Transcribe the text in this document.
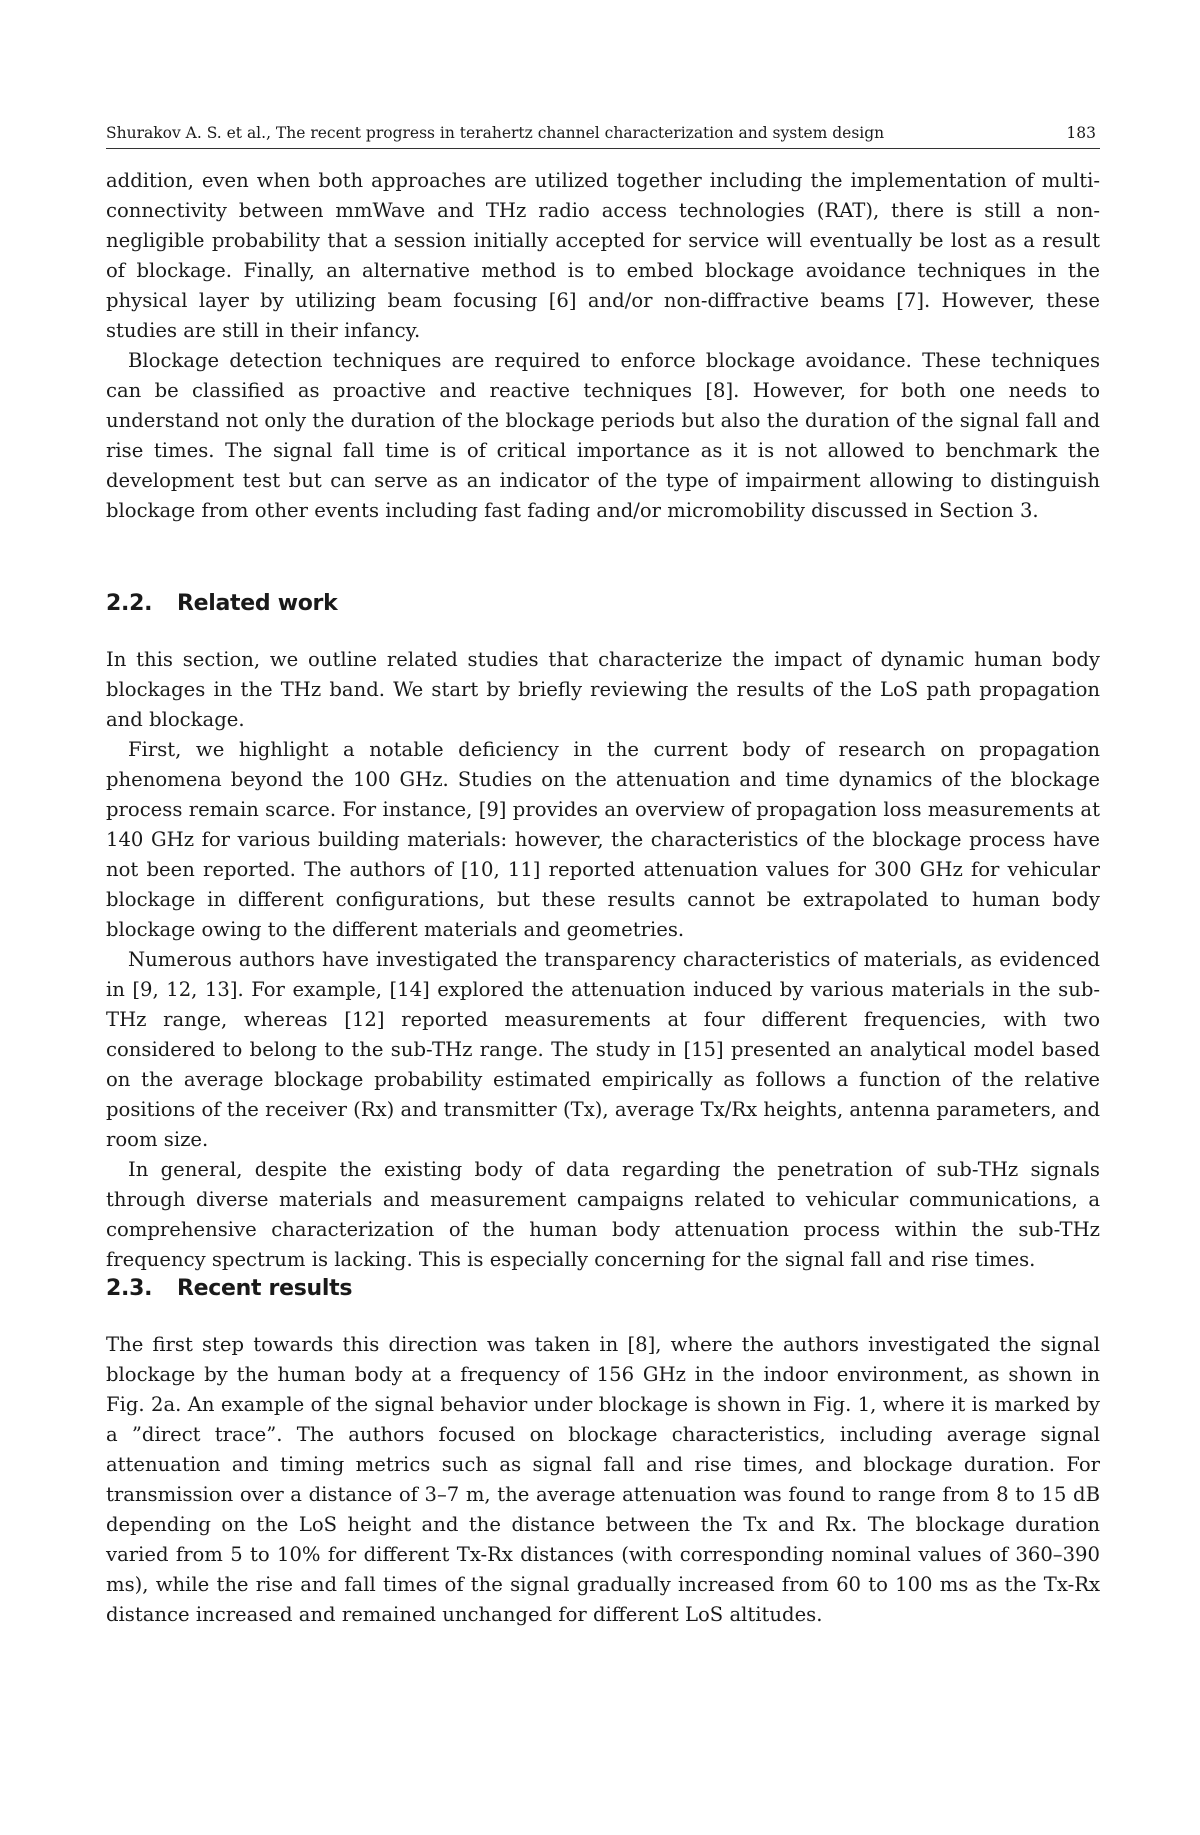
Shurakov A. S. et al., The recent progress in terahertz channel characterization and system design	183

addition, even when both approaches are utilized together including the implementation of multi-connectivity between mmWave and THz radio access technologies (RAT), there is still a non-negligible probability that a session initially accepted for service will eventually be lost as a result of blockage. Finally, an alternative method is to embed blockage avoidance techniques in the physical layer by utilizing beam focusing [6] and/or non-diffractive beams [7]. However, these studies are still in their infancy.

Blockage detection techniques are required to enforce blockage avoidance. These techniques can be classified as proactive and reactive techniques [8]. However, for both one needs to understand not only the duration of the blockage periods but also the duration of the signal fall and rise times. The signal fall time is of critical importance as it is not allowed to benchmark the development test but can serve as an indicator of the type of impairment allowing to distinguish blockage from other events including fast fading and/or micromobility discussed in Section 3.

2.2. Related work

In this section, we outline related studies that characterize the impact of dynamic human body blockages in the THz band. We start by briefly reviewing the results of the LoS path propagation and blockage.

First, we highlight a notable deficiency in the current body of research on propagation phenomena beyond the 100 GHz. Studies on the attenuation and time dynamics of the blockage process remain scarce. For instance, [9] provides an overview of propagation loss measurements at 140 GHz for various building materials: however, the characteristics of the blockage process have not been reported. The authors of [10, 11] reported attenuation values for 300 GHz for vehicular blockage in different configurations, but these results cannot be extrapolated to human body blockage owing to the different materials and geometries.

Numerous authors have investigated the transparency characteristics of materials, as evidenced in [9, 12, 13]. For example, [14] explored the attenuation induced by various materials in the sub-THz range, whereas [12] reported measurements at four different frequencies, with two considered to belong to the sub-THz range. The study in [15] presented an analytical model based on the average blockage probability estimated empirically as follows a function of the relative positions of the receiver (Rx) and transmitter (Tx), average Tx/Rx heights, antenna parameters, and room size.

In general, despite the existing body of data regarding the penetration of sub-THz signals through diverse materials and measurement campaigns related to vehicular communications, a comprehensive characterization of the human body attenuation process within the sub-THz frequency spectrum is lacking. This is especially concerning for the signal fall and rise times.

2.3. Recent results

The first step towards this direction was taken in [8], where the authors investigated the signal blockage by the human body at a frequency of 156 GHz in the indoor environment, as shown in Fig. 2a. An example of the signal behavior under blockage is shown in Fig. 1, where it is marked by a ”direct trace”. The authors focused on blockage characteristics, including average signal attenuation and timing metrics such as signal fall and rise times, and blockage duration. For transmission over a distance of 3–7 m, the average attenuation was found to range from 8 to 15 dB depending on the LoS height and the distance between the Tx and Rx. The blockage duration varied from 5 to 10% for different Tx-Rx distances (with corresponding nominal values of 360–390 ms), while the rise and fall times of the signal gradually increased from 60 to 100 ms as the Tx-Rx distance increased and remained unchanged for different LoS altitudes.
